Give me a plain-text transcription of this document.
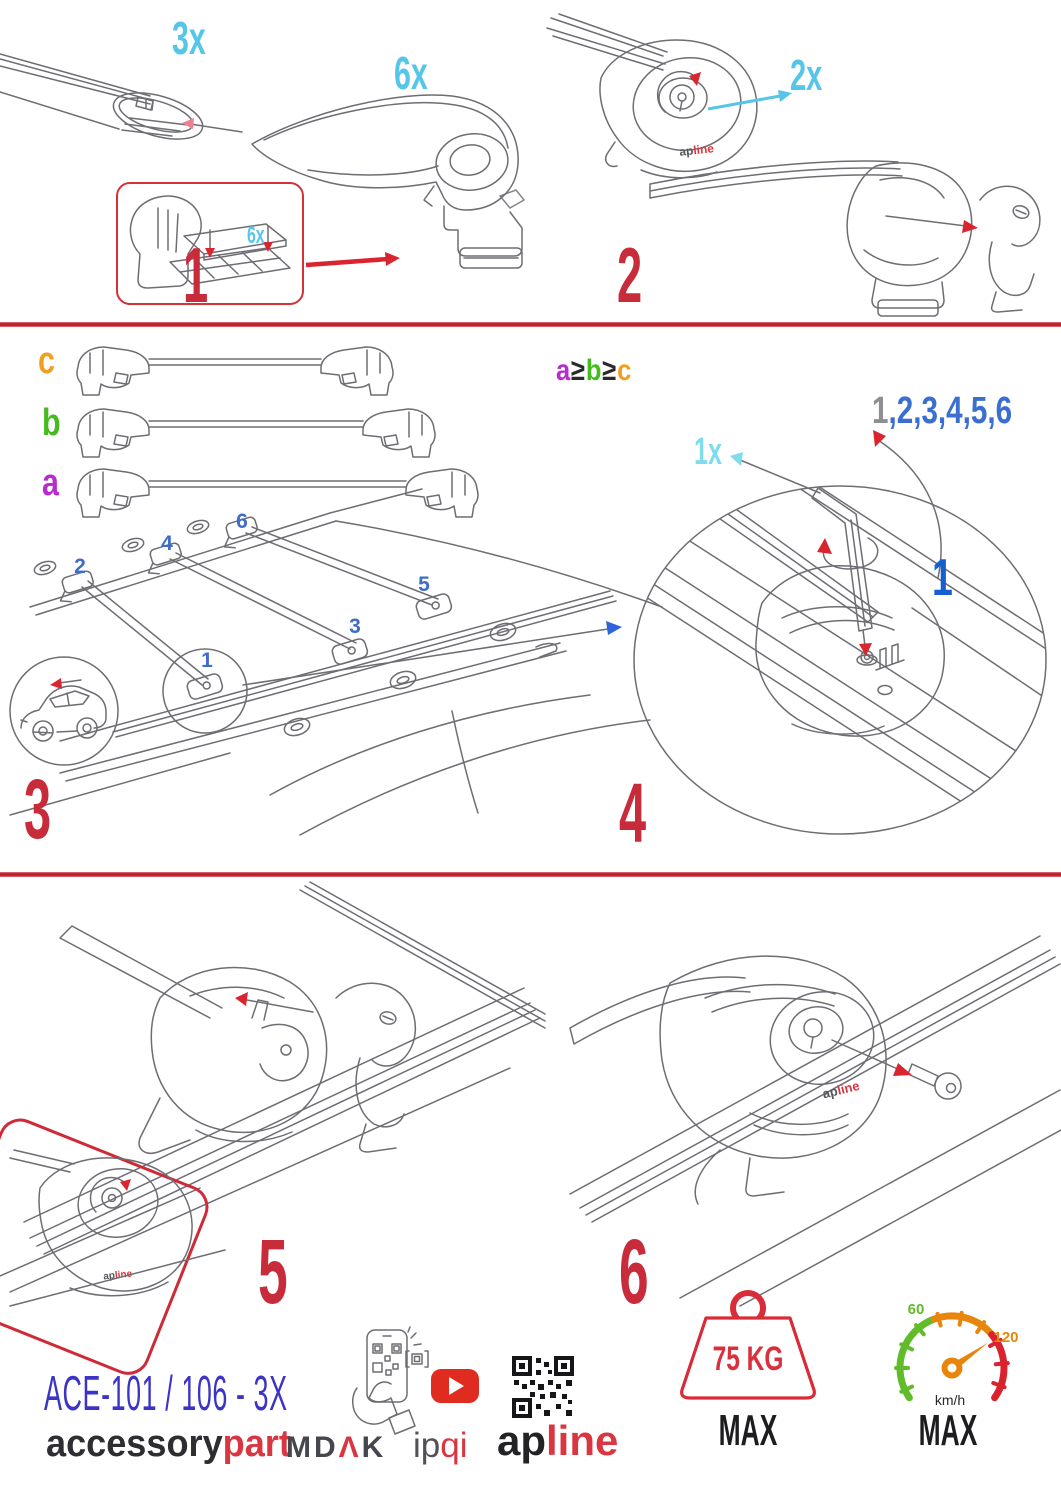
3x
6x
6x
1
apline
2x
2
c
b
a
a≥b≥c
1,2,3,4,5,6
1
2
3
4
5
6
3
1x
1
4
apline 5
apline
6
ACE-101 / 106 - 3X
accessorypart
MDΛK ipqi apline
75 KG
MAX
60
120
km/h
MAX
